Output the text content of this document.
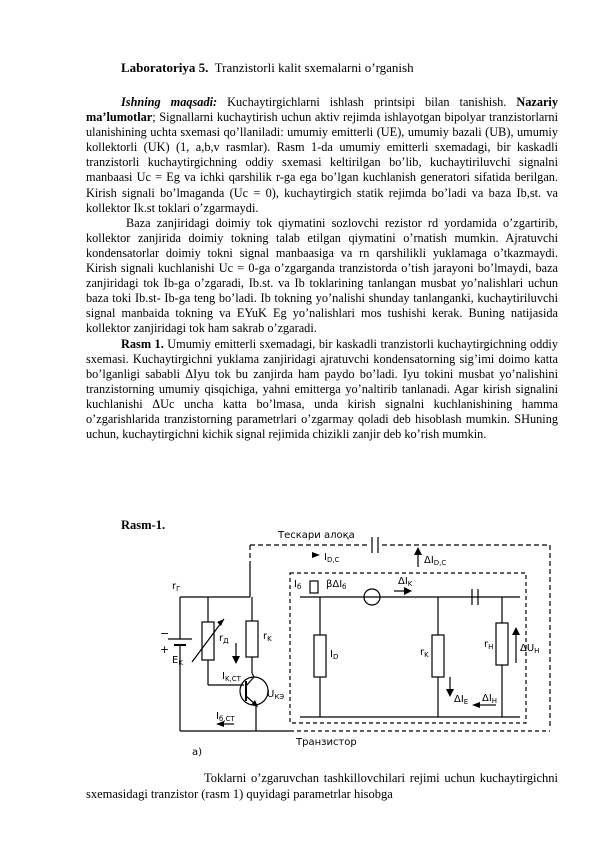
Laboratoriya 5. Tranzistorli kalit sxemalarni o’rganish

Ishning maqsadi: Kuchaytirgichlarni ishlash printsipi bilan tanishish. Nazariy ma’lumotlar; Signallarni kuchaytirish uchun aktiv rejimda ishlayotgan bipolyar tranzistorlarni ulanishining uchta sxemasi qo’llaniladi: umumiy emitterli (UE), umumiy bazali (UB), umumiy kollektorli (UK) (1, a,b,v rasmlar). Rasm 1-da umumiy emitterli sxemadagi, bir kaskadli tranzistorli kuchaytirgichning oddiy sxemasi keltirilgan bo’lib, kuchaytiriluvchi signalni manbaasi Uc = Eg va ichki qarshilik r-ga ega bo’lgan kuchlanish generatori sifatida berilgan. Kirish signali bo’lmaganda (Uc = 0), kuchaytirgich statik rejimda bo’ladi va baza Ib,st. va kollektor Ik.st toklari o’zgarmaydi.

Baza zanjiridagi doimiy tok qiymatini sozlovchi rezistor rd yordamida o’zgartirib, kollektor zanjirida doimiy tokning talab etilgan qiymatini o’rnatish mumkin. Ajratuvchi kondensatorlar doimiy tokni signal manbaasiga va rn qarshilikli yuklamaga o’tkazmaydi. Kirish signali kuchlanishi Uc = 0-ga o’zgarganda tranzistorda o’tish jarayoni bo’lmaydi, baza zanjiridagi tok Ib-ga o’zgaradi, Ib.st. va Ib toklarining tanlangan musbat yo’nalishlari uchun baza toki Ib.st- Ib-ga teng bo’ladi. Ib tokning yo’nalishi shunday tanlanganki, kuchaytiriluvchi signal manbaida tokning va EYuK Eg yo’nalishlari mos tushishi kerak. Buning natijasida kollektor zanjiridagi tok ham sakrab o’zgaradi.

Rasm 1. Umumiy emitterli sxemadagi, bir kaskadli tranzistorli kuchaytirgichning oddiy sxemasi. Kuchaytirgichni yuklama zanjiridagi ajratuvchi kondensatorning sig’imi doimo katta bo’lganligi sababli ΔIyu tok bu zanjirda ham paydo bo’ladi. Iyu tokini musbat yo’nalishini tranzistorning umumiy qisqichiga, yahni emitterga yo’naltirib tanlanadi. Agar kirish signalini kuchlanishi ΔUc uncha katta bo’lmasa, unda kirish signalni kuchlanishining hamma o’zgarishlarida tranzistorning parametrlari o’zgarmay qoladi deb hisoblash mumkin. SHuning uchun, kuchaytirgichni kichik signal rejimida chizikli zanjir deb ko’rish mumkin.

Rasm-1.
Тескари алоқа
$I_{D,C}$	$\Delta I_{D,C}$
$r_Г$
−
+
$E_K$
$r_Д$	$r_K$
$I_{K,CT}$
$U_{КЭ}$
$I_{б,СТ}$
a)
$I_б$ βΔI$_б$	$\Delta I_K$
$I_D$	$r_K$
$\Delta I_E$
$r_H$	$\Delta U_H$
$\Delta I_H$
Транзистор

Toklarni o’zgaruvchan tashkillovchilari rejimi uchun kuchaytirgichni sxemasidagi tranzistor (rasm 1) quyidagi parametrlar hisobga
